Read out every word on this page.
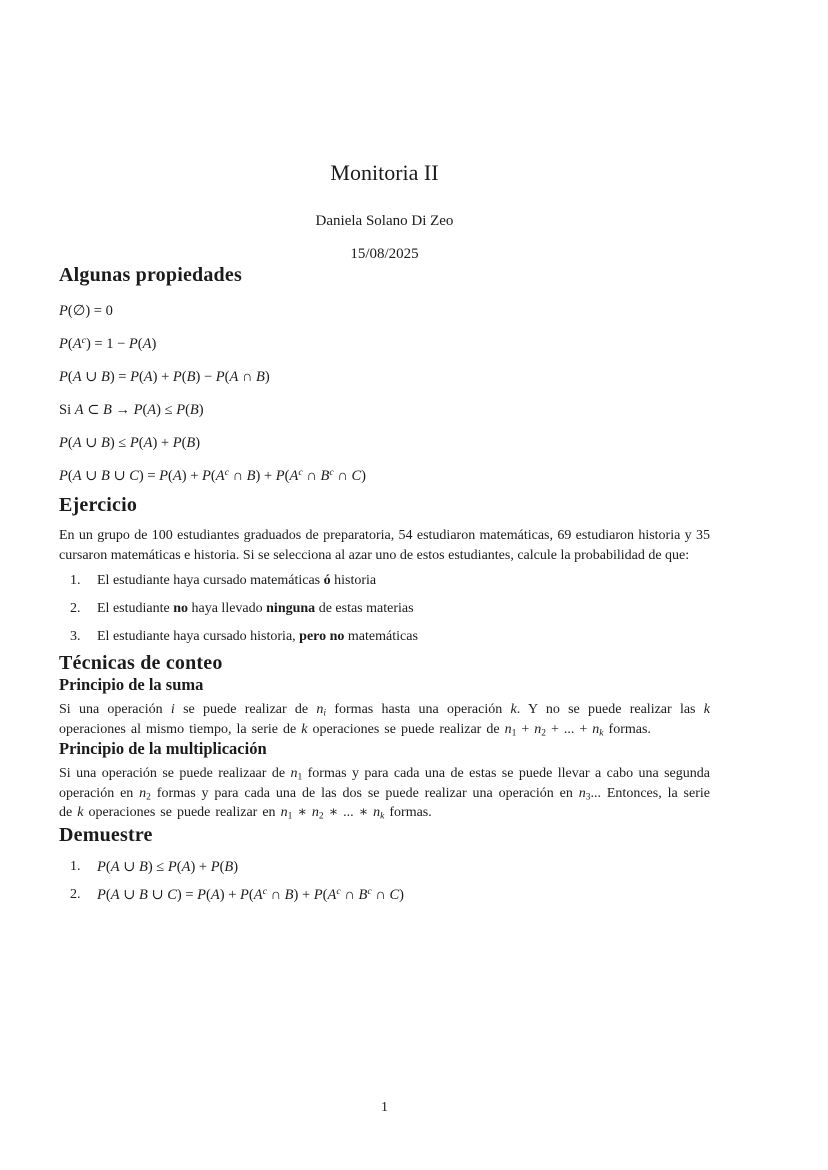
Monitoria II
Daniela Solano Di Zeo
15/08/2025
Algunas propiedades

P(∅) = 0

$P(A^c) = 1 - P(A)$

P(A ∪ B) = P(A) + P(B) − P(A ∩ B)

Si A ⊂ B → P(A) ≤ P(B)

P(A ∪ B) ≤ P(A) + P(B)

P(A ∪ B ∪ $C) = P(A) + P(A^c$ ∩ $B) + P(A^c$ ∩ $B^c$ ∩ C)

Ejercicio

En un grupo de 100 estudiantes graduados de preparatoria, 54 estudiaron matemáticas, 69 estudiaron historia y 35 cursaron matemáticas e historia. Si se selecciona al azar uno de estos estudiantes, calcule la probabilidad de que:

1.	El estudiante haya cursado matemáticas ó historia
2.	El estudiante no haya llevado ninguna de estas materias
3.	El estudiante haya cursado historia, pero no matemáticas
Técnicas de conteo
Principio de la suma

Si una operación i se puede realizar de ni formas hasta una operación k. Y no se puede realizar las k operaciones al mismo tiempo, la serie de k operaciones se puede realizar de n1 + n2 + ... + nk formas.

Principio de la multiplicación

Si una operación se puede realizaar de n1 formas y para cada una de estas se puede llevar a cabo una segunda operación en n2 formas y para cada una de las dos se puede realizar una operación en n3... Entonces, la serie de k operaciones se puede realizar en n1 ∗ n2 ∗ ... ∗ nk formas.

Demuestre
1.	P(A ∪ B) ≤ P(A) + P(B)
2.	P(A ∪ B ∪ $C) = P(A) + P(A^c$ ∩ $B) + P(A^c$ ∩ $B^c$ ∩ C)
1
